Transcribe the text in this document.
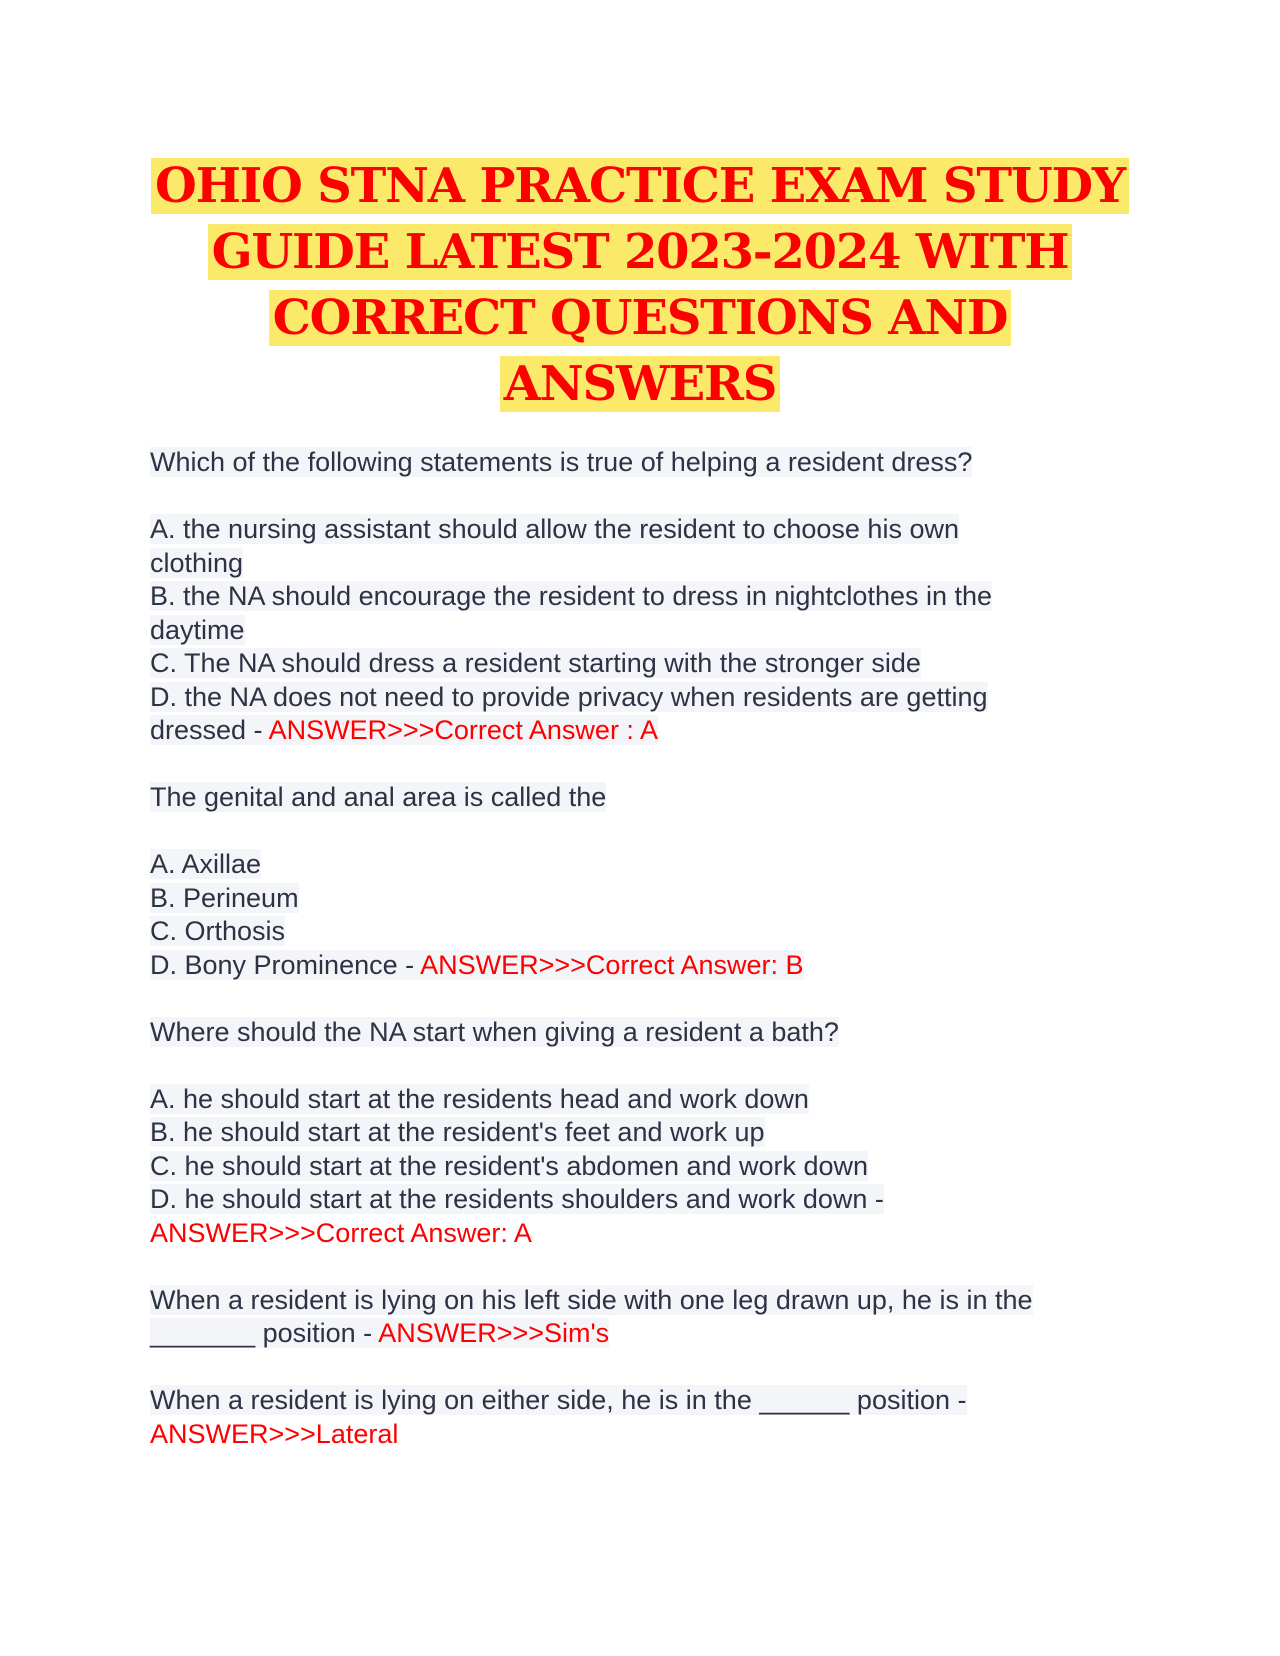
OHIO STNA PRACTICE EXAM STUDY
GUIDE LATEST 2023-2024 WITH
CORRECT QUESTIONS AND
ANSWERS
Which of the following statements is true of helping a resident dress?
A. the nursing assistant should allow the resident to choose his own
clothing
B. the NA should encourage the resident to dress in nightclothes in the
daytime
C. The NA should dress a resident starting with the stronger side
D. the NA does not need to provide privacy when residents are getting
dressed - ANSWER>>>Correct Answer : A
The genital and anal area is called the
A. Axillae
B. Perineum
C. Orthosis
D. Bony Prominence - ANSWER>>>Correct Answer: B
Where should the NA start when giving a resident a bath?
A. he should start at the residents head and work down
B. he should start at the resident's feet and work up
C. he should start at the resident's abdomen and work down
D. he should start at the residents shoulders and work down -
ANSWER>>>Correct Answer: A
When a resident is lying on his left side with one leg drawn up, he is in the
_______ position - ANSWER>>>Sim's
When a resident is lying on either side, he is in the ______ position -
ANSWER>>>Lateral
